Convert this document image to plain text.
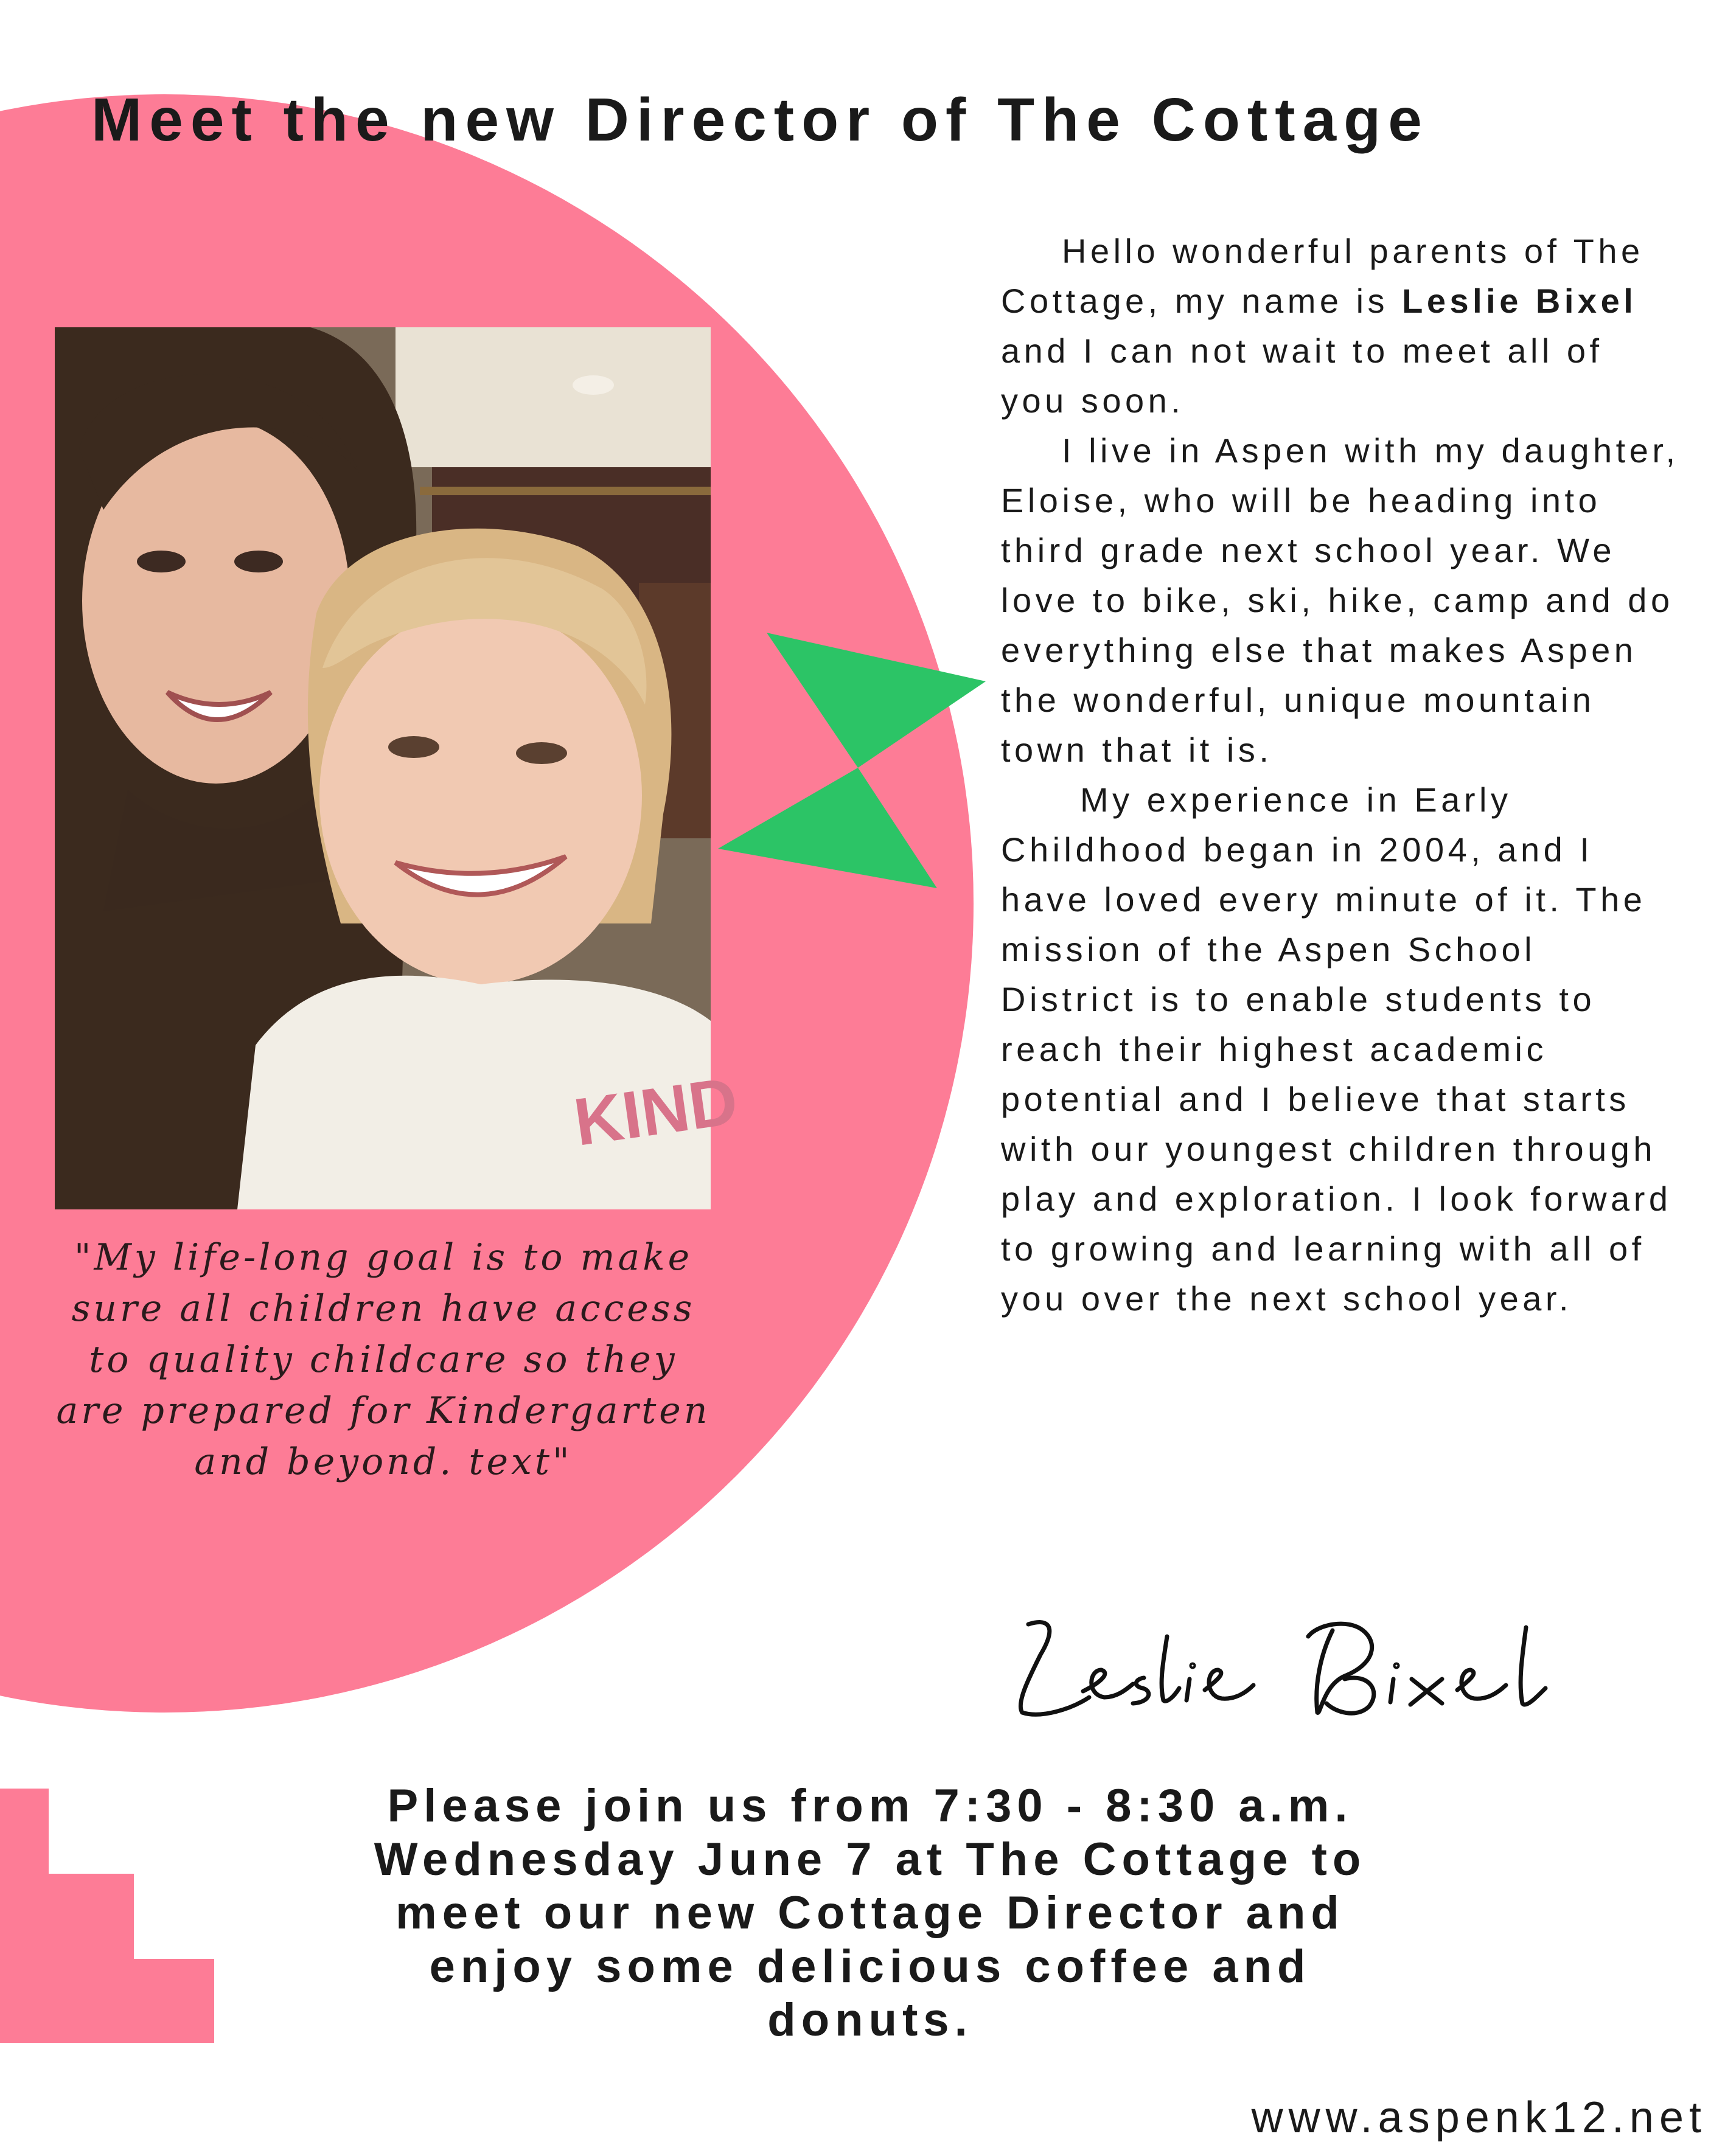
Meet the new Director of The Cottage
KIND
"My life-long goal is to make
sure all children have access
to quality childcare so they
are prepared for Kindergarten
and beyond. text"

Hello wonderful parents of The Cottage, my name is Leslie Bixel and I can not wait to meet all of you soon.

I live in Aspen with my daughter, Eloise, who will be heading into third grade next school year. We love to bike, ski, hike, camp and do everything else that makes Aspen the wonderful, unique mountain town that it is.

My experience in Early Childhood began in 2004, and I have loved every minute of it. The mission of the Aspen School District is to enable students to reach their highest academic potential and I believe that starts with our youngest children through play and exploration. I look forward to growing and learning with all of you over the next school year.

Please join us from 7:30 - 8:30 a.m.
Wednesday June 7 at The Cottage to
meet our new Cottage Director and
enjoy some delicious coffee and
donuts.
www.aspenk12.net
